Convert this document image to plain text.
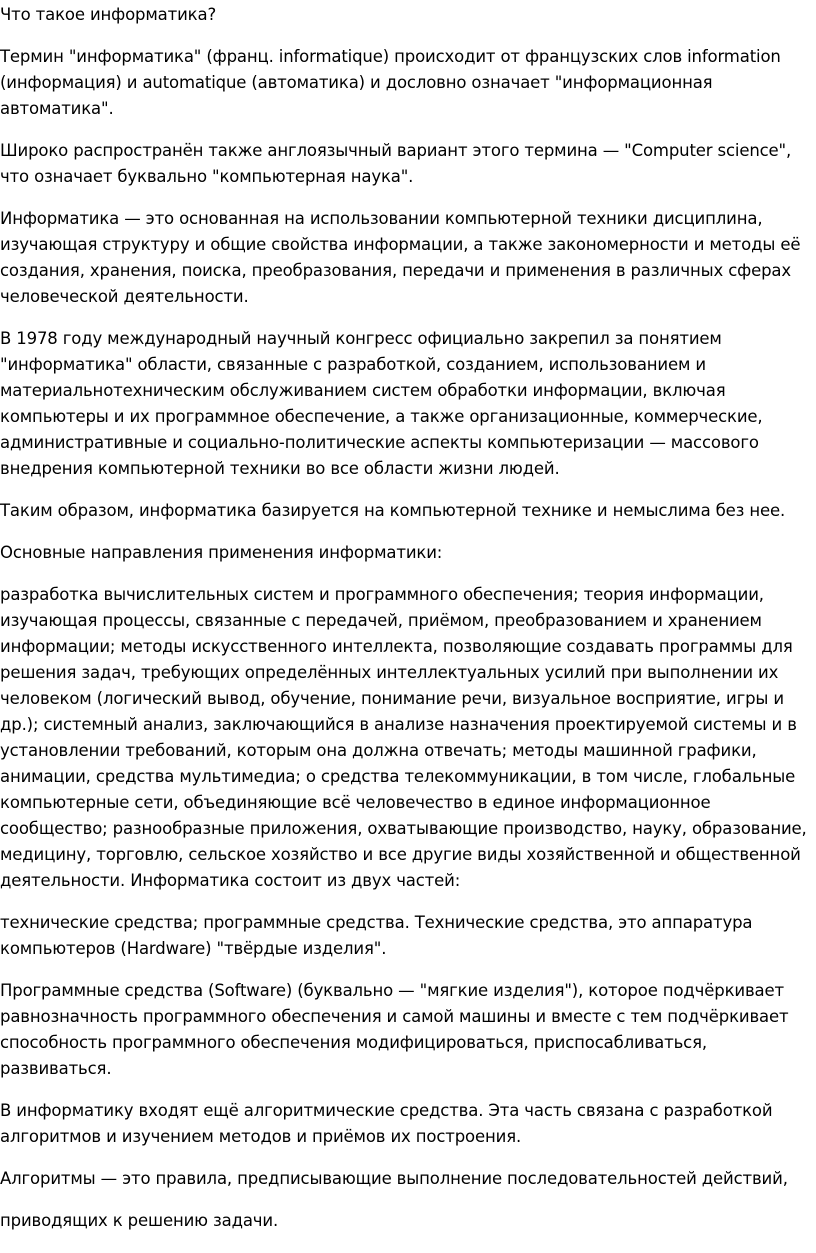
Что такое информатика?

Термин "информатика" (франц. informatique) происходит от французских слов information (информация) и automatique (автоматика) и дословно означает "информационная автоматика".

Широко распространён также англоязычный вариант этого термина — "Computer science", что означает буквально "компьютерная наука".

Информатика — это основанная на использовании компьютерной техники дисциплина, изучающая структуру и общие свойства информации, а также закономерности и методы её создания, хранения, поиска, преобразования, передачи и применения в различных сферах человеческой деятельности.

В 1978 году международный научный конгресс официально закрепил за понятием "информатика" области, связанные с разработкой, созданием, использованием и материальнотехническим обслуживанием систем обработки информации, включая компьютеры и их программное обеспечение, а также организационные, коммерческие, административные и социально-политические аспекты компьютеризации — массового внедрения компьютерной техники во все области жизни людей.

Таким образом, информатика базируется на компьютерной технике и немыслима без нее.

Основные направления применения информатики:

разработка вычислительных систем и программного обеспечения; теория информации, изучающая процессы, связанные с передачей, приёмом, преобразованием и хранением информации; методы искусственного интеллекта, позволяющие создавать программы для решения задач, требующих определённых интеллектуальных усилий при выполнении их человеком (логический вывод, обучение, понимание речи, визуальное восприятие, игры и др.); системный анализ, заключающийся в анализе назначения проектируемой системы и в установлении требований, которым она должна отвечать; методы машинной графики, анимации, средства мультимедиа; о средства телекоммуникации, в том числе, глобальные компьютерные сети, объединяющие всё человечество в единое информационное сообщество; разнообразные приложения, охватывающие производство, науку, образование, медицину, торговлю, сельское хозяйство и все другие виды хозяйственной и общественной деятельности. Информатика состоит из двух частей:

технические средства; программные средства. Технические средства, это аппаратура компьютеров (Hardware) "твёрдые изделия".

Программные средства (Software) (буквально — "мягкие изделия"), которое подчёркивает равнозначность программного обеспечения и самой машины и вместе с тем подчёркивает способность программного обеспечения модифицироваться, приспосабливаться, развиваться.

В информатику входят ещё алгоритмические средства. Эта часть связана с разработкой алгоритмов и изучением методов и приёмов их построения.

Алгоритмы — это правила, предписывающие выполнение последовательностей действий,

приводящих к решению задачи.
